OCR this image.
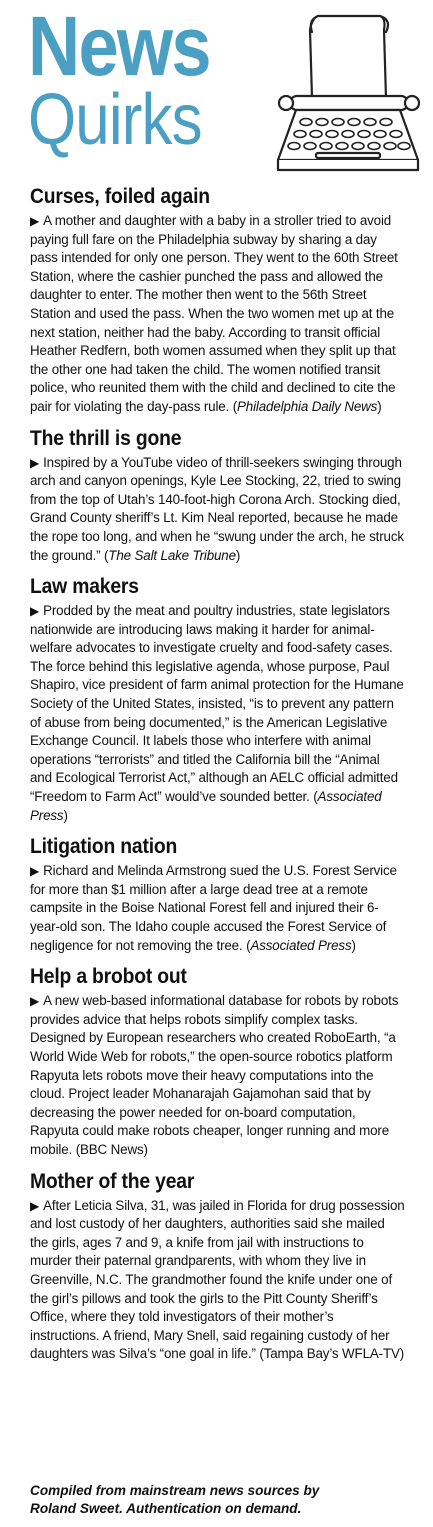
News
Quirks
Curses, foiled again

▶ A mother and daughter with a baby in a stroller tried to avoid paying full fare on the Philadelphia subway by sharing a day pass intended for only one person. They went to the 60th Street Station, where the cashier punched the pass and allowed the daughter to enter. The mother then went to the 56th Street Station and used the pass. When the two women met up at the next station, neither had the baby. According to transit official Heather Redfern, both women assumed when they split up that the other one had taken the child. The women notified transit police, who reunited them with the child and declined to cite the pair for violating the day-pass rule. (Philadelphia Daily News)

The thrill is gone

▶ Inspired by a YouTube video of thrill-seekers swinging through arch and canyon openings, Kyle Lee Stocking, 22, tried to swing from the top of Utah’s 140-foot-high Corona Arch. Stocking died, Grand County sheriff’s Lt. Kim Neal reported, because he made the rope too long, and when he “swung under the arch, he struck the ground.” (The Salt Lake Tribune)

Law makers

▶ Prodded by the meat and poultry industries, state legislators nationwide are introducing laws making it harder for animal-welfare advocates to investigate cruelty and food-safety cases. The force behind this legislative agenda, whose purpose, Paul Shapiro, vice president of farm animal protection for the Humane Society of the United States, insisted, “is to prevent any pattern of abuse from being documented,” is the American Legislative Exchange Council. It labels those who interfere with animal operations “terrorists” and titled the California bill the “Animal and Ecological Terrorist Act,” although an AELC official admitted “Freedom to Farm Act” would’ve sounded better. (Associated Press)

Litigation nation

▶ Richard and Melinda Armstrong sued the U.S. Forest Service for more than $1 million after a large dead tree at a remote campsite in the Boise National Forest fell and injured their 6-year-old son. The Idaho couple accused the Forest Service of negligence for not removing the tree. (Associated Press)

Help a brobot out

▶ A new web-based informational database for robots by robots provides advice that helps robots simplify complex tasks. Designed by European researchers who created RoboEarth, “a World Wide Web for robots,” the open-source robotics platform Rapyuta lets robots move their heavy computations into the cloud. Project leader Mohanarajah Gajamohan said that by decreasing the power needed for on-board computation, Rapyuta could make robots cheaper, longer running and more mobile. (BBC News)

Mother of the year

▶ After Leticia Silva, 31, was jailed in Florida for drug possession and lost custody of her daughters, authorities said she mailed the girls, ages 7 and 9, a knife from jail with instructions to murder their paternal grandparents, with whom they live in Greenville, N.C. The grandmother found the knife under one of the girl’s pillows and took the girls to the Pitt County Sheriff’s Office, where they told investigators of their mother’s instructions. A friend, Mary Snell, said regaining custody of her daughters was Silva’s “one goal in life.” (Tampa Bay’s WFLA-TV)

Compiled from mainstream news sources by
Roland Sweet. Authentication on demand.
